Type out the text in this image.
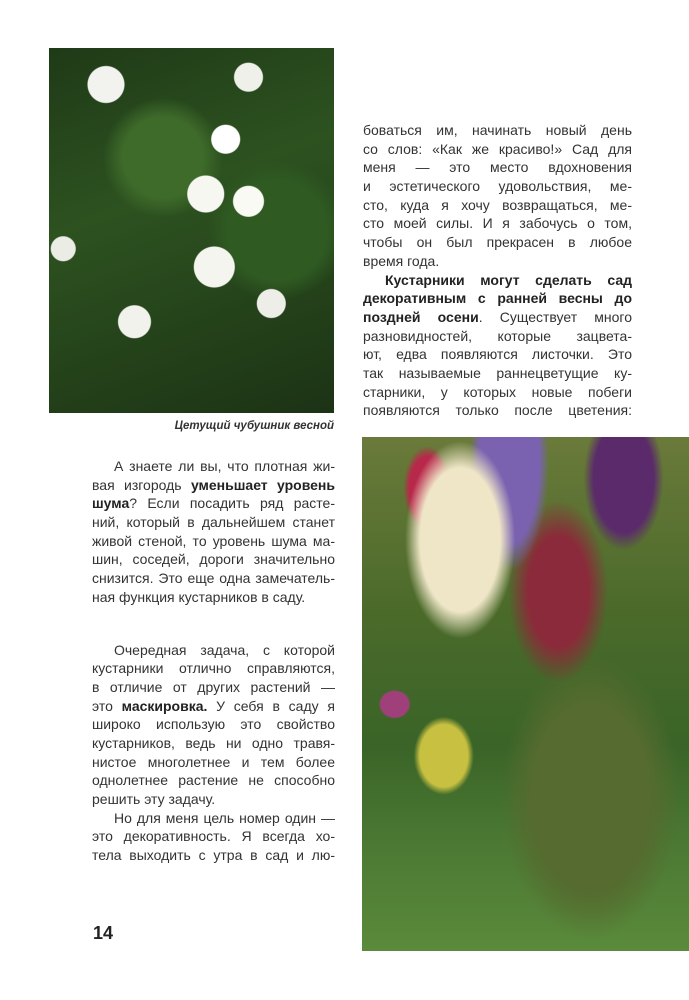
Цетущий чубушник весной
боваться им, начинать новый день
со слов: «Как же красиво!» Сад для
меня — это место вдохновения
и эстетического удовольствия, ме-
сто, куда я хочу возвращаться, ме-
сто моей силы. И я забочусь о том,
чтобы он был прекрасен в любое
время года.
Кустарники могут сделать сад
декоративным с ранней весны до
поздней осени. Существует много
разновидностей, которые зацвета-
ют, едва появляются листочки. Это
так называемые раннецветущие ку-
старники, у которых новые побеги
появляются только после цветения:
А знаете ли вы, что плотная жи-
вая изгородь уменьшает уровень
шума? Если посадить ряд расте-
ний, который в дальнейшем станет
живой стеной, то уровень шума ма-
шин, соседей, дороги значительно
снизится. Это еще одна замечатель-
ная функция кустарников в саду.
Очередная задача, с которой
кустарники отлично справляются,
в отличие от других растений —
это маскировка. У себя в саду я
широко использую это свойство
кустарников, ведь ни одно травя-
нистое многолетнее и тем более
однолетнее растение не способно
решить эту задачу.
Но для меня цель номер один —
это декоративность. Я всегда хо-
тела выходить с утра в сад и лю-
14
